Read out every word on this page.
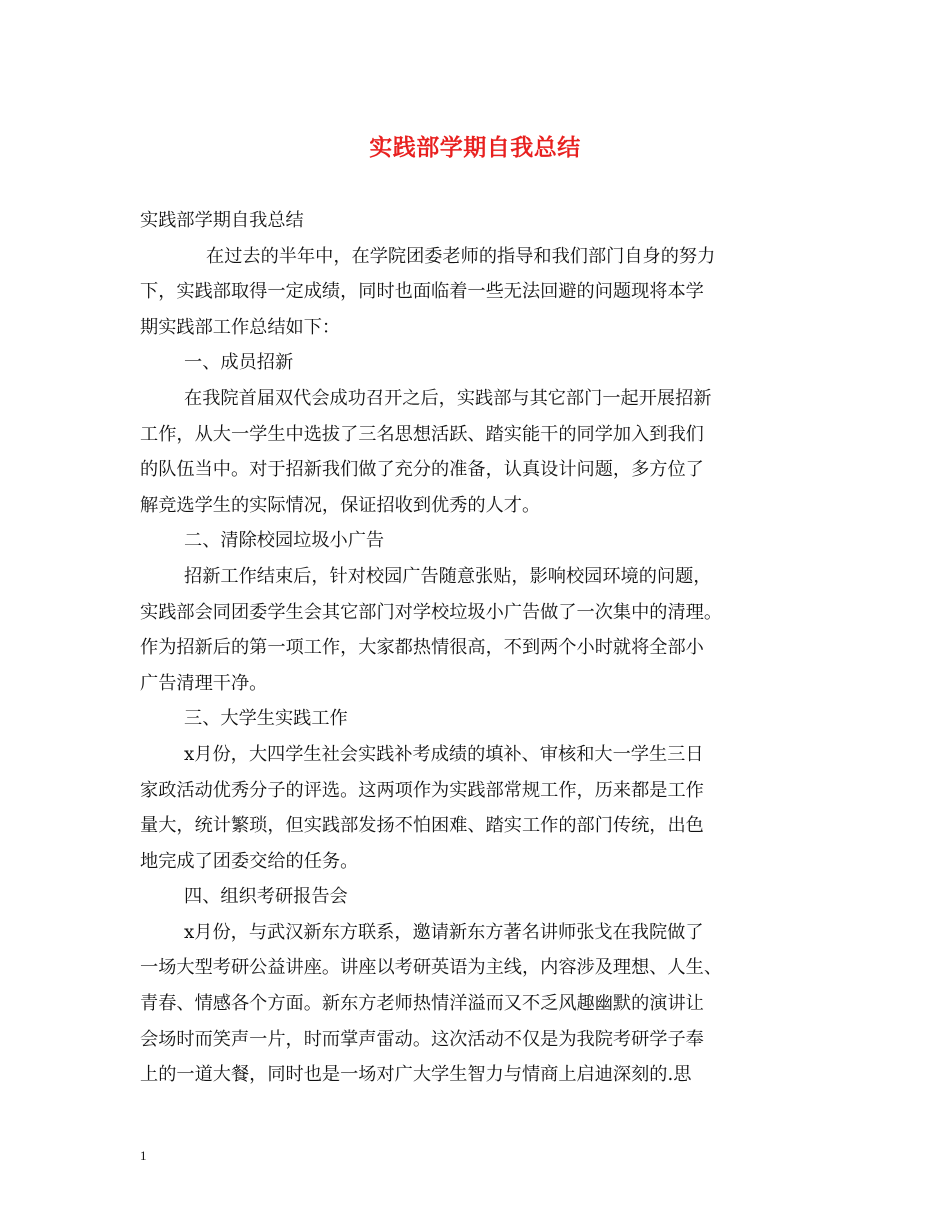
实践部学期自我总结
实践部学期自我总结
在过去的半年中，在学院团委老师的指导和我们部门自身的努力
下，实践部取得一定成绩，同时也面临着一些无法回避的问题现将本学
期实践部工作总结如下：
一、成员招新
在我院首届双代会成功召开之后，实践部与其它部门一起开展招新
工作，从大一学生中选拔了三名思想活跃、踏实能干的同学加入到我们
的队伍当中。对于招新我们做了充分的准备，认真设计问题，多方位了
解竞选学生的实际情况，保证招收到优秀的人才。
二、清除校园垃圾小广告
招新工作结束后，针对校园广告随意张贴，影响校园环境的问题，
实践部会同团委学生会其它部门对学校垃圾小广告做了一次集中的清理。
作为招新后的第一项工作，大家都热情很高，不到两个小时就将全部小
广告清理干净。
三、大学生实践工作
x月份，大四学生社会实践补考成绩的填补、审核和大一学生三日
家政活动优秀分子的评选。这两项作为实践部常规工作，历来都是工作
量大，统计繁琐，但实践部发扬不怕困难、踏实工作的部门传统，出色
地完成了团委交给的任务。
四、组织考研报告会
x月份，与武汉新东方联系，邀请新东方著名讲师张戈在我院做了
一场大型考研公益讲座。讲座以考研英语为主线，内容涉及理想、人生、
青春、情感各个方面。新东方老师热情洋溢而又不乏风趣幽默的演讲让
会场时而笑声一片，时而掌声雷动。这次活动不仅是为我院考研学子奉
上的一道大餐，同时也是一场对广大学生智力与情商上启迪深刻的.思
1
